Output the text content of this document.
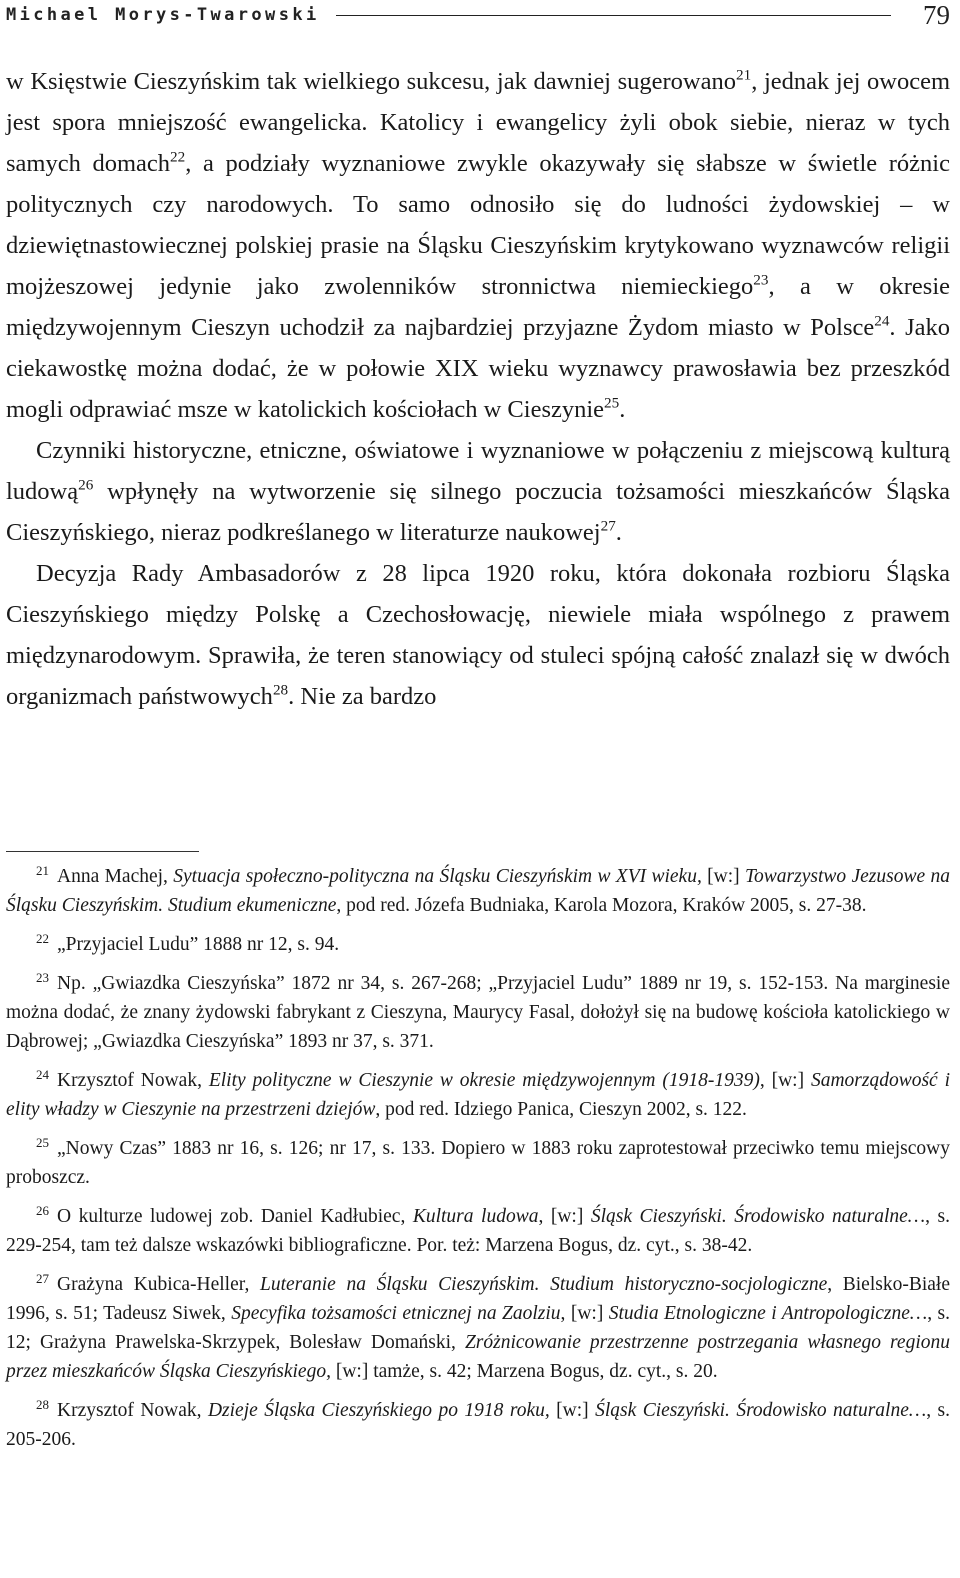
Michael Morys-Twarowski	79

w Księstwie Cieszyńskim tak wielkiego sukcesu, jak dawniej sugerowano$^{21}$, jednak jej owocem jest spora mniejszość ewangelicka. Katolicy i ewangelicy żyli obok siebie, nieraz w tych samych domach$^{22}$, a podziały wyznaniowe zwykle okazywały się słabsze w świetle różnic politycznych czy narodowych. To samo odnosiło się do ludności żydowskiej – w dziewiętnastowiecznej polskiej prasie na Śląsku Cieszyńskim krytykowano wyznawców religii mojżeszowej jedynie jako zwolenników stronnictwa niemieckiego$^{23}$, a w okresie międzywojennym Cieszyn uchodził za najbardziej przyjazne Żydom miasto w Polsce$^{24}$. Jako ciekawostkę można dodać, że w połowie XIX wieku wyznawcy prawosławia bez przeszkód mogli odprawiać msze w katolickich kościołach w Cieszynie$^{25}$.

Czynniki historyczne, etniczne, oświatowe i wyznaniowe w połączeniu z miejscową kulturą ludową$^{26}$ wpłynęły na wytworzenie się silnego poczucia tożsamości mieszkańców Śląska Cieszyńskiego, nieraz podkreślanego w literaturze naukowej$^{27}$.

Decyzja Rady Ambasadorów z 28 lipca 1920 roku, która dokonała rozbioru Śląska Cieszyńskiego między Polskę a Czechosłowację, niewiele miała wspólnego z prawem międzynarodowym. Sprawiła, że teren stanowiący od stuleci spójną całość znalazł się w dwóch organizmach państwowych$^{28}$. Nie za bardzo

$^{21}$ Anna Machej, Sytuacja społeczno-polityczna na Śląsku Cieszyńskim w XVI wieku, [w:] Towarzystwo Jezusowe na Śląsku Cieszyńskim. Studium ekumeniczne, pod red. Józefa Budniaka, Karola Mozora, Kraków 2005, s. 27-38.

$^{22}$ „Przyjaciel Ludu” 1888 nr 12, s. 94.

$^{23}$ Np. „Gwiazdka Cieszyńska” 1872 nr 34, s. 267-268; „Przyjaciel Ludu” 1889 nr 19, s. 152-153. Na marginesie można dodać, że znany żydowski fabrykant z Cieszyna, Maurycy Fasal, dołożył się na budowę kościoła katolickiego w Dąbrowej; „Gwiazdka Cieszyńska” 1893 nr 37, s. 371.

$^{24}$ Krzysztof Nowak, Elity polityczne w Cieszynie w okresie międzywojennym (1918-1939), [w:] Samorządowość i elity władzy w Cieszynie na przestrzeni dziejów, pod red. Idziego Panica, Cieszyn 2002, s. 122.

$^{25}$ „Nowy Czas” 1883 nr 16, s. 126; nr 17, s. 133. Dopiero w 1883 roku zaprotestował przeciwko temu miejscowy proboszcz.

$^{26}$ O kulturze ludowej zob. Daniel Kadłubiec, Kultura ludowa, [w:] Śląsk Cieszyński. Środowisko naturalne…, s. 229-254, tam też dalsze wskazówki bibliograficzne. Por. też: Marzena Bogus, dz. cyt., s. 38-42.

$^{27}$ Grażyna Kubica-Heller, Luteranie na Śląsku Cieszyńskim. Studium historyczno-socjologiczne, Bielsko-Białe 1996, s. 51; Tadeusz Siwek, Specyfika tożsamości etnicznej na Zaolziu, [w:] Studia Etnologiczne i Antropologiczne…, s. 12; Grażyna Prawelska-Skrzypek, Bolesław Domański, Zróżnicowanie przestrzenne postrzegania własnego regionu przez mieszkańców Śląska Cieszyńskiego, [w:] tamże, s. 42; Marzena Bogus, dz. cyt., s. 20.

$^{28}$ Krzysztof Nowak, Dzieje Śląska Cieszyńskiego po 1918 roku, [w:] Śląsk Cieszyński. Środowisko naturalne…, s. 205-206.
